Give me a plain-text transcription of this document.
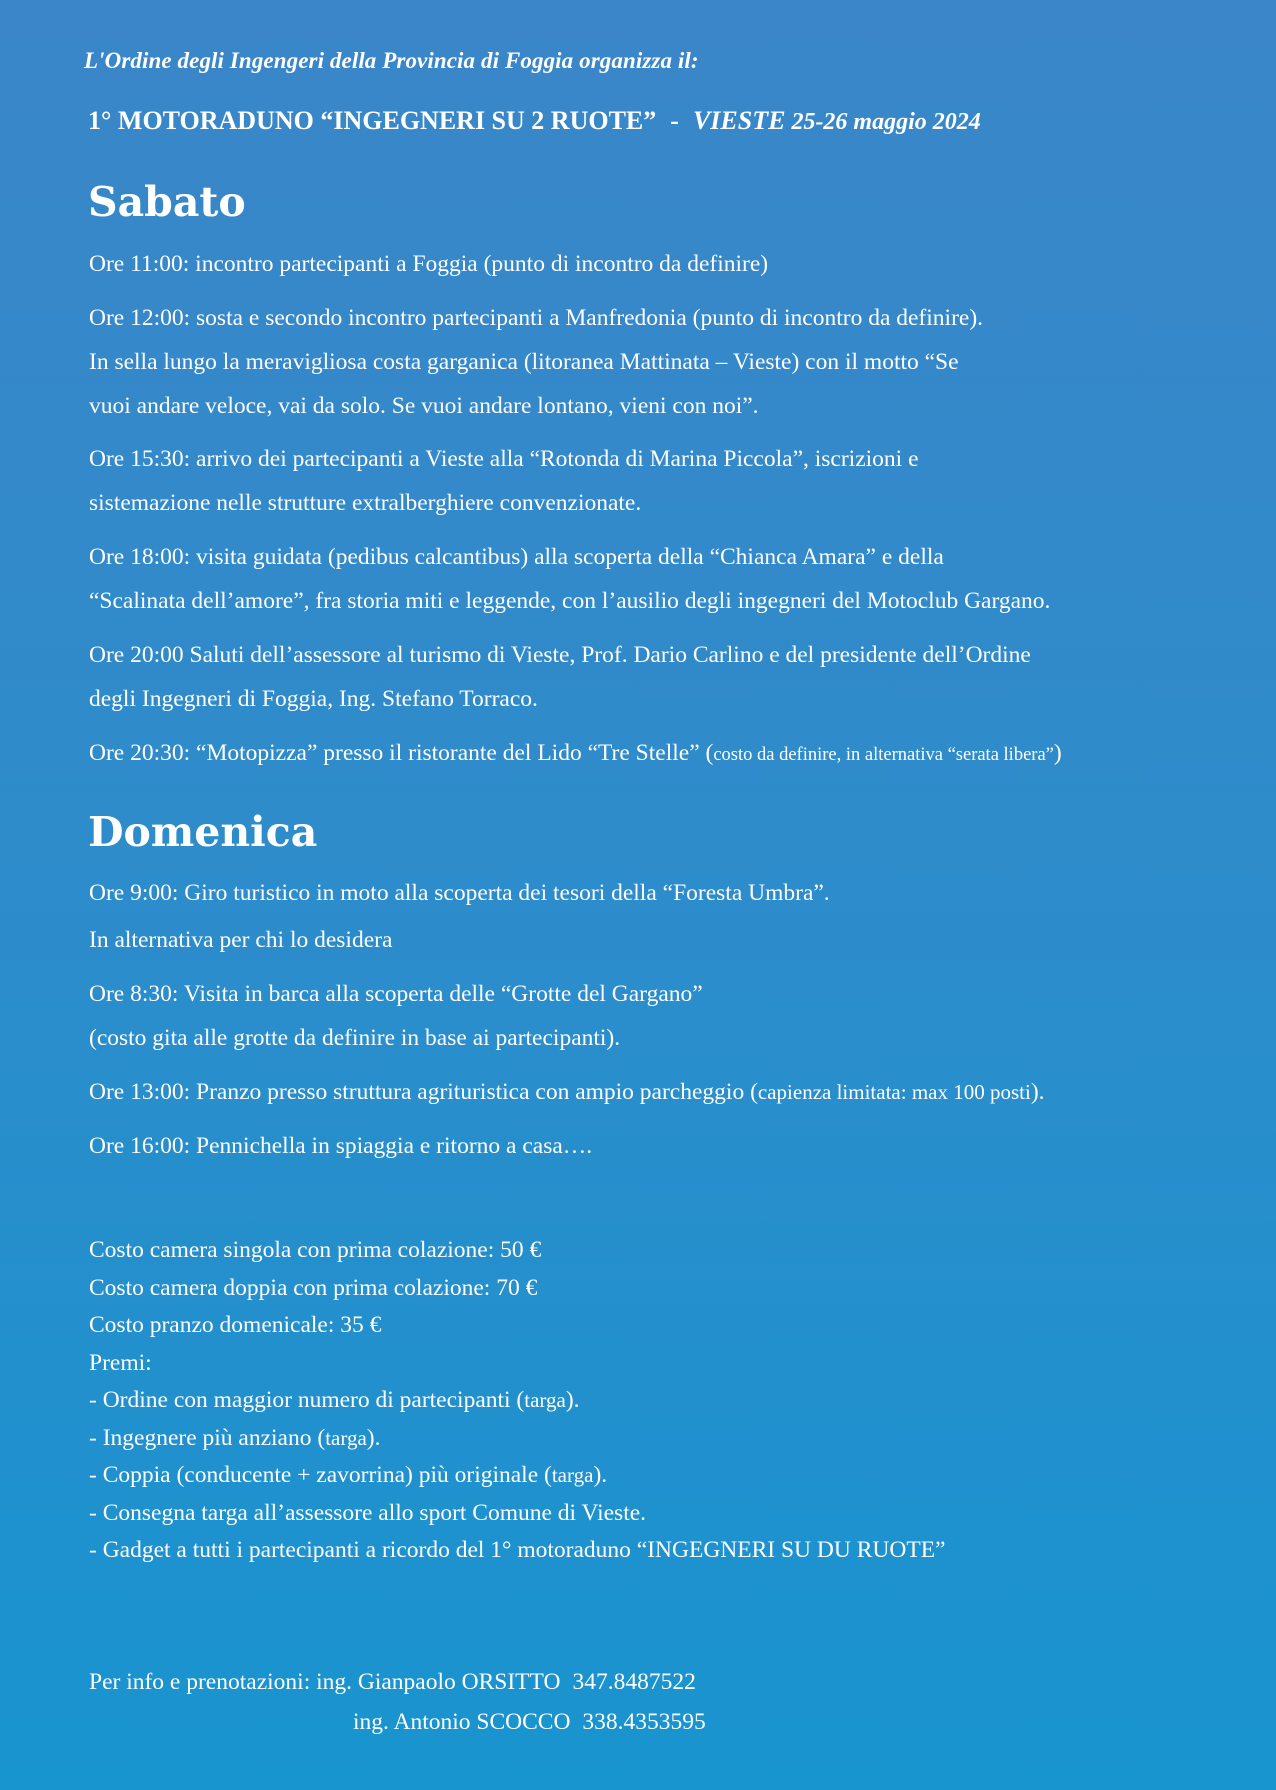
L'Ordine degli Ingengeri della Provincia di Foggia organizza il:
1° MOTORADUNO “INGEGNERI SU 2 RUOTE” - VIESTE 25-26 maggio 2024
Sabato
Ore 11:00: incontro partecipanti a Foggia (punto di incontro da definire)
Ore 12:00: sosta e secondo incontro partecipanti a Manfredonia (punto di incontro da definire).
In sella lungo la meravigliosa costa garganica (litoranea Mattinata – Vieste) con il motto “Se
vuoi andare veloce, vai da solo. Se vuoi andare lontano, vieni con noi”.
Ore 15:30: arrivo dei partecipanti a Vieste alla “Rotonda di Marina Piccola”, iscrizioni e
sistemazione nelle strutture extralberghiere convenzionate.
Ore 18:00: visita guidata (pedibus calcantibus) alla scoperta della “Chianca Amara” e della
“Scalinata dell’amore”, fra storia miti e leggende, con l’ausilio degli ingegneri del Motoclub Gargano.
Ore 20:00 Saluti dell’assessore al turismo di Vieste, Prof. Dario Carlino e del presidente dell’Ordine
degli Ingegneri di Foggia, Ing. Stefano Torraco.
Ore 20:30: “Motopizza” presso il ristorante del Lido “Tre Stelle” (costo da definire, in alternativa “serata libera”)
Domenica
Ore 9:00: Giro turistico in moto alla scoperta dei tesori della “Foresta Umbra”.
In alternativa per chi lo desidera
Ore 8:30: Visita in barca alla scoperta delle “Grotte del Gargano”
(costo gita alle grotte da definire in base ai partecipanti).
Ore 13:00: Pranzo presso struttura agrituristica con ampio parcheggio (capienza limitata: max 100 posti).
Ore 16:00: Pennichella in spiaggia e ritorno a casa….
Costo camera singola con prima colazione: 50 €
Costo camera doppia con prima colazione: 70 €
Costo pranzo domenicale: 35 €
Premi:
- Ordine con maggior numero di partecipanti (targa).
- Ingegnere più anziano (targa).
- Coppia (conducente + zavorrina) più originale (targa).
- Consegna targa all’assessore allo sport Comune di Vieste.
- Gadget a tutti i partecipanti a ricordo del 1° motoraduno “INGEGNERI SU DU RUOTE”
Per info e prenotazioni: ing. Gianpaolo ORSITTO 347.8487522
ing. Antonio SCOCCO 338.4353595
